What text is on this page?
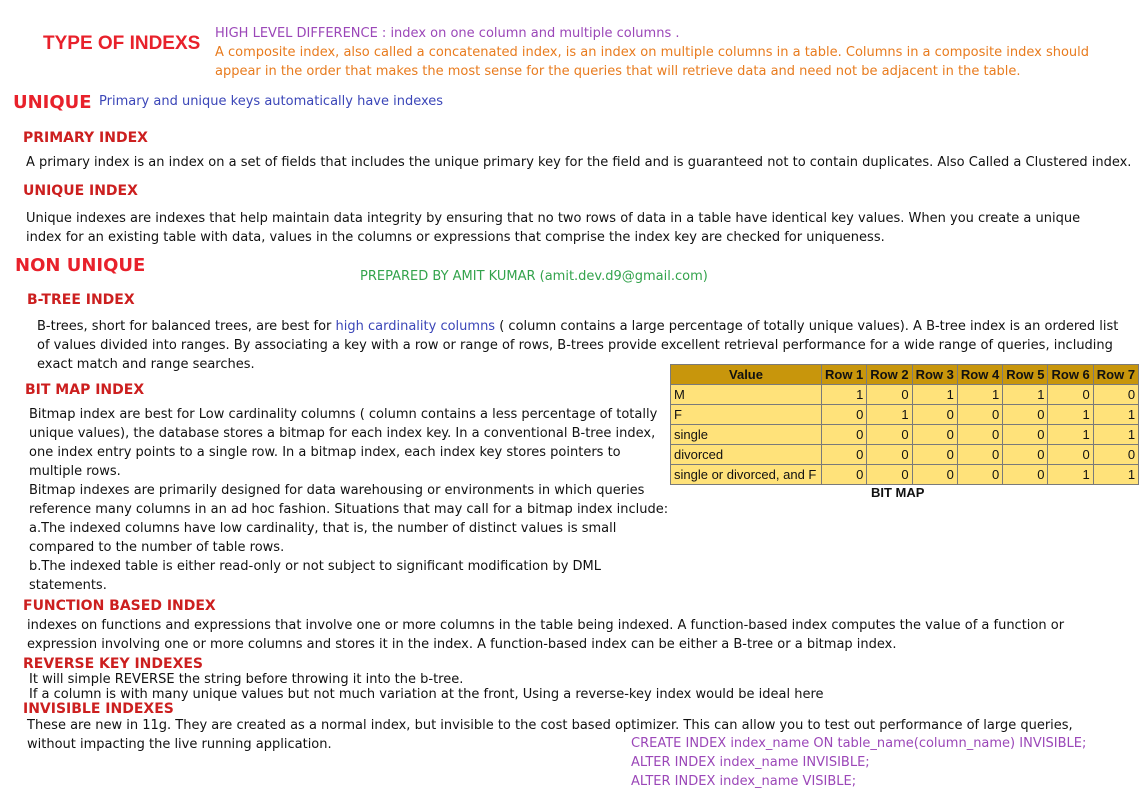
TYPE OF INDEXS HIGH LEVEL DIFFERENCE : index on one column and multiple columns .
A composite index, also called a concatenated index, is an index on multiple columns in a table. Columns in a composite index should
appear in the order that makes the most sense for the queries that will retrieve data and need not be adjacent in the table.
UNIQUE Primary and unique keys automatically have indexes
PRIMARY INDEX
A primary index is an index on a set of fields that includes the unique primary key for the field and is guaranteed not to contain duplicates. Also Called a Clustered index.
UNIQUE INDEX
Unique indexes are indexes that help maintain data integrity by ensuring that no two rows of data in a table have identical key values. When you create a unique
index for an existing table with data, values in the columns or expressions that comprise the index key are checked for uniqueness.
NON UNIQUE
PREPARED BY AMIT KUMAR (amit.dev.d9@gmail.com)
B-TREE INDEX
B-trees, short for balanced trees, are best for high cardinality columns ( column contains a large percentage of totally unique values). A B-tree index is an ordered list
of values divided into ranges. By associating a key with a row or range of rows, B-trees provide excellent retrieval performance for a wide range of queries, including
exact match and range searches.
BIT MAP INDEX
Bitmap index are best for Low cardinality columns ( column contains a less percentage of totally
unique values), the database stores a bitmap for each index key. In a conventional B-tree index,
one index entry points to a single row. In a bitmap index, each index key stores pointers to
multiple rows.
Bitmap indexes are primarily designed for data warehousing or environments in which queries
reference many columns in an ad hoc fashion. Situations that may call for a bitmap index include:
a.The indexed columns have low cardinality, that is, the number of distinct values is small
compared to the number of table rows.
b.The indexed table is either read-only or not subject to significant modification by DML
statements.
Value	Row 1	Row 2	Row 3	Row 4	Row 5	Row 6	Row 7
M	1	0	1	1	1	0	0
F	0	1	0	0	0	1	1
single	0	0	0	0	0	1	1
divorced	0	0	0	0	0	0	0
single or divorced, and F	0	0	0	0	0	1	1
BIT MAP
FUNCTION BASED INDEX
indexes on functions and expressions that involve one or more columns in the table being indexed. A function-based index computes the value of a function or
expression involving one or more columns and stores it in the index. A function-based index can be either a B-tree or a bitmap index.
REVERSE KEY INDEXES
It will simple REVERSE the string before throwing it into the b-tree.
If a column is with many unique values but not much variation at the front, Using a reverse-key index would be ideal here
INVISIBLE INDEXES
These are new in 11g. They are created as a normal index, but invisible to the cost based optimizer. This can allow you to test out performance of large queries,
without impacting the live running application.	CREATE INDEX index_name ON table_name(column_name) INVISIBLE;
ALTER INDEX index_name INVISIBLE;
ALTER INDEX index_name VISIBLE;
